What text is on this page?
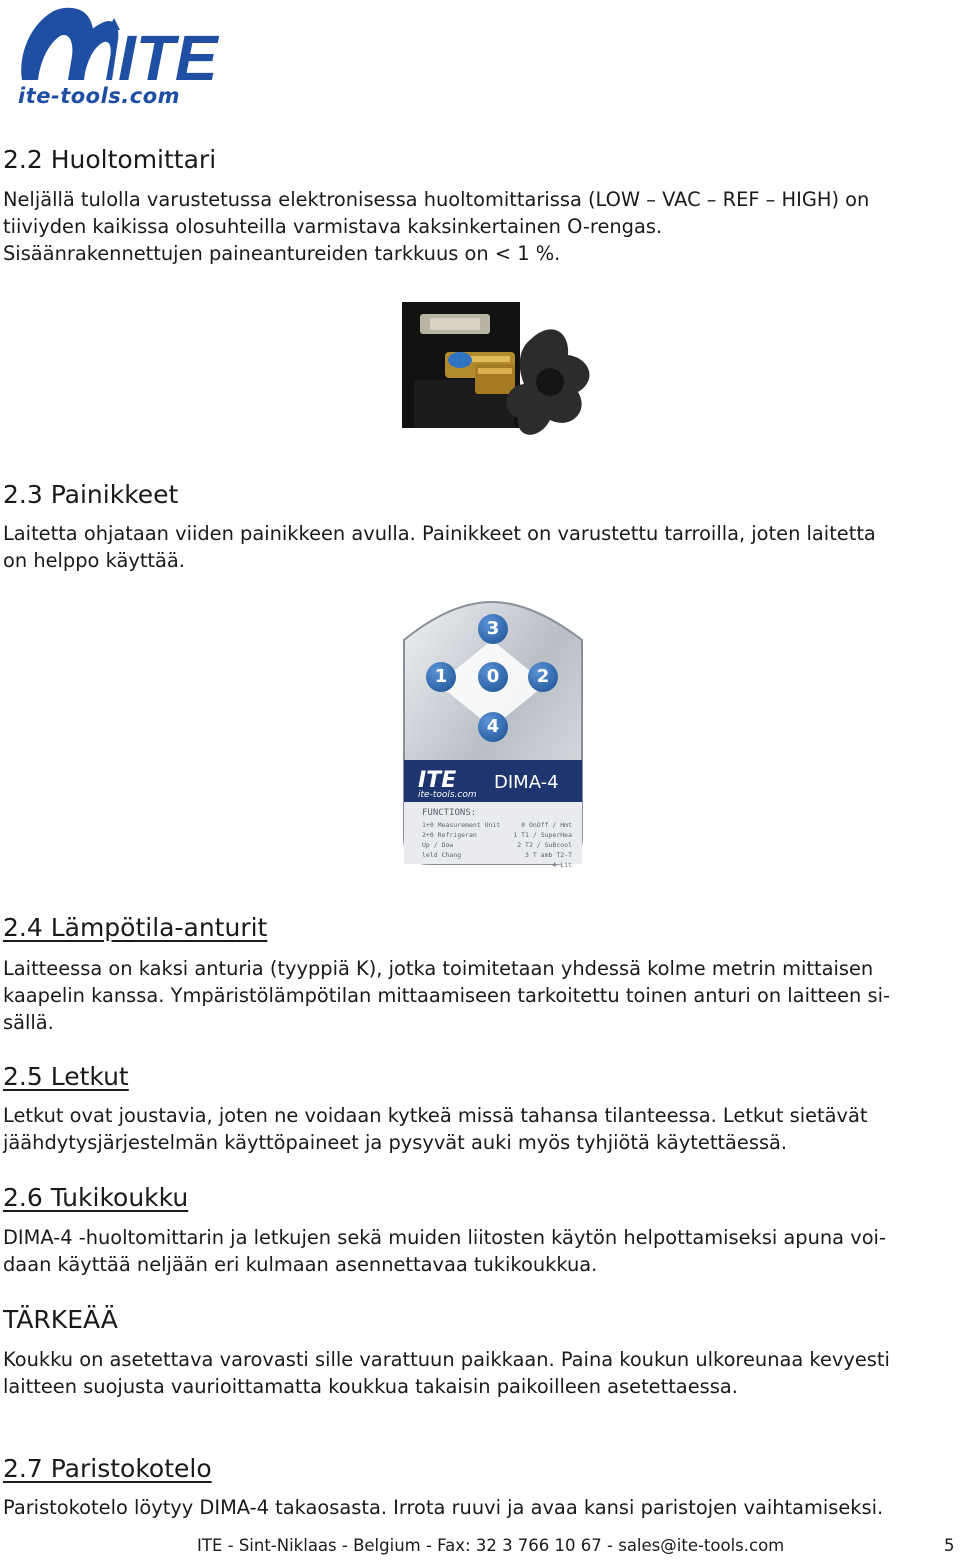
ITE
ite-tools.com
2.2 Huoltomittari

Neljällä tulolla varustetussa elektronisessa huoltomittarissa (LOW – VAC – REF – HIGH) on
tiiviyden kaikissa olosuhteilla varmistava kaksinkertainen O-rengas.
Sisäänrakennettujen paineantureiden tarkkuus on < 1 %.

2.3 Painikkeet

Laitetta ohjataan viiden painikkeen avulla. Painikkeet on varustettu tarroilla, joten laitetta
on helppo käyttää.

3
1	0	2
4
ITE DIMA-4
ite-tools.com
FUNCTIONS:
1+0 Measurement Unit	0 OnOff / Hmt
2+0 Refrigeran	1 T1 / SuperHea
Up / Dow	2 T2 / SuBcool
leld Chang	3 T amb T2-T
4 Lit
2.4 Lämpötila-anturit

Laitteessa on kaksi anturia (tyyppiä K), jotka toimitetaan yhdessä kolme metrin mittaisen
kaapelin kanssa. Ympäristölämpötilan mittaamiseen tarkoitettu toinen anturi on laitteen si-
sällä.

2.5 Letkut

Letkut ovat joustavia, joten ne voidaan kytkeä missä tahansa tilanteessa. Letkut sietävät
jäähdytysjärjestelmän käyttöpaineet ja pysyvät auki myös tyhjiötä käytettäessä.

2.6 Tukikoukku

DIMA-4 -huoltomittarin ja letkujen sekä muiden liitosten käytön helpottamiseksi apuna voi-
daan käyttää neljään eri kulmaan asennettavaa tukikoukkua.

TÄRKEÄÄ

Koukku on asetettava varovasti sille varattuun paikkaan. Paina koukun ulkoreunaa kevyesti
laitteen suojusta vaurioittamatta koukkua takaisin paikoilleen asetettaessa.

2.7 Paristokotelo

Paristokotelo löytyy DIMA-4 takaosasta. Irrota ruuvi ja avaa kansi paristojen vaihtamiseksi.

ITE - Sint-Niklaas - Belgium - Fax: 32 3 766 10 67 - sales@ite-tools.com	5
